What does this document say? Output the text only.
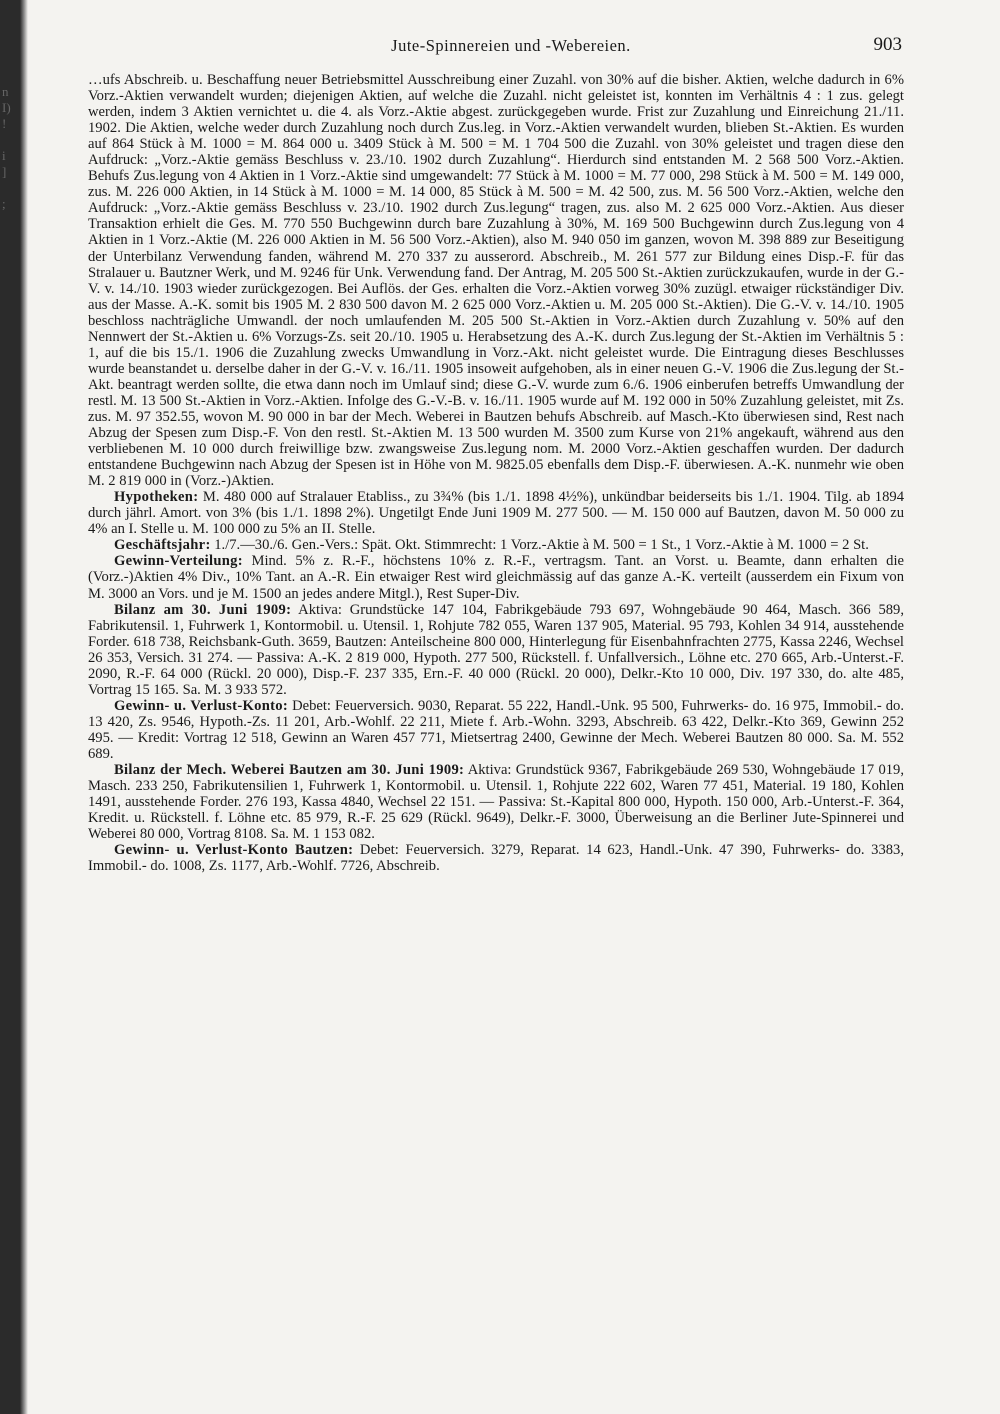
n
I)
!

i
]

;

Jute-Spinnereien und -Webereien.	903

…ufs Abschreib. u. Beschaffung neuer Betriebsmittel Ausschreibung einer Zuzahl. von 30% auf die bisher. Aktien, welche dadurch in 6% Vorz.-Aktien verwandelt wurden; diejenigen Aktien, auf welche die Zuzahl. nicht geleistet ist, konnten im Verhältnis 4 : 1 zus. gelegt werden, indem 3 Aktien vernichtet u. die 4. als Vorz.-Aktie abgest. zurückgegeben wurde. Frist zur Zuzahlung und Einreichung 21./11. 1902. Die Aktien, welche weder durch Zuzahlung noch durch Zus.leg. in Vorz.-Aktien verwandelt wurden, blieben St.-Aktien. Es wurden auf 864 Stück à M. 1000 = M. 864 000 u. 3409 Stück à M. 500 = M. 1 704 500 die Zuzahl. von 30% geleistet und tragen diese den Aufdruck: „Vorz.-Aktie gemäss Beschluss v. 23./10. 1902 durch Zuzahlung“. Hierdurch sind entstanden M. 2 568 500 Vorz.-Aktien. Behufs Zus.legung von 4 Aktien in 1 Vorz.-Aktie sind umgewandelt: 77 Stück à M. 1000 = M. 77 000, 298 Stück à M. 500 = M. 149 000, zus. M. 226 000 Aktien, in 14 Stück à M. 1000 = M. 14 000, 85 Stück à M. 500 = M. 42 500, zus. M. 56 500 Vorz.-Aktien, welche den Aufdruck: „Vorz.-Aktie gemäss Beschluss v. 23./10. 1902 durch Zus.legung“ tragen, zus. also M. 2 625 000 Vorz.-Aktien. Aus dieser Transaktion erhielt die Ges. M. 770 550 Buchgewinn durch bare Zuzahlung à 30%, M. 169 500 Buchgewinn durch Zus.legung von 4 Aktien in 1 Vorz.-Aktie (M. 226 000 Aktien in M. 56 500 Vorz.-Aktien), also M. 940 050 im ganzen, wovon M. 398 889 zur Beseitigung der Unterbilanz Verwendung fanden, während M. 270 337 zu ausserord. Abschreib., M. 261 577 zur Bildung eines Disp.-F. für das Stralauer u. Bautzner Werk, und M. 9246 für Unk. Verwendung fand. Der Antrag, M. 205 500 St.-Aktien zurückzukaufen, wurde in der G.-V. v. 14./10. 1903 wieder zurückgezogen. Bei Auflös. der Ges. erhalten die Vorz.-Aktien vorweg 30% zuzügl. etwaiger rückständiger Div. aus der Masse. A.-K. somit bis 1905 M. 2 830 500 davon M. 2 625 000 Vorz.-Aktien u. M. 205 000 St.-Aktien). Die G.-V. v. 14./10. 1905 beschloss nachträgliche Umwandl. der noch umlaufenden M. 205 500 St.-Aktien in Vorz.-Aktien durch Zuzahlung v. 50% auf den Nennwert der St.-Aktien u. 6% Vorzugs-Zs. seit 20./10. 1905 u. Herabsetzung des A.-K. durch Zus.legung der St.-Aktien im Verhältnis 5 : 1, auf die bis 15./1. 1906 die Zuzahlung zwecks Umwandlung in Vorz.-Akt. nicht geleistet wurde. Die Eintragung dieses Beschlusses wurde beanstandet u. derselbe daher in der G.-V. v. 16./11. 1905 insoweit aufgehoben, als in einer neuen G.-V. 1906 die Zus.legung der St.-Akt. beantragt werden sollte, die etwa dann noch im Umlauf sind; diese G.-V. wurde zum 6./6. 1906 einberufen betreffs Umwandlung der restl. M. 13 500 St.-Aktien in Vorz.-Aktien. Infolge des G.-V.-B. v. 16./11. 1905 wurde auf M. 192 000 in 50% Zuzahlung geleistet, mit Zs. zus. M. 97 352.55, wovon M. 90 000 in bar der Mech. Weberei in Bautzen behufs Abschreib. auf Masch.-Kto überwiesen sind, Rest nach Abzug der Spesen zum Disp.-F. Von den restl. St.-Aktien M. 13 500 wurden M. 3500 zum Kurse von 21% angekauft, während aus den verbliebenen M. 10 000 durch freiwillige bzw. zwangsweise Zus.legung nom. M. 2000 Vorz.-Aktien geschaffen wurden. Der dadurch entstandene Buchgewinn nach Abzug der Spesen ist in Höhe von M. 9825.05 ebenfalls dem Disp.-F. überwiesen. A.-K. nunmehr wie oben M. 2 819 000 in (Vorz.-)Aktien.

Hypotheken: M. 480 000 auf Stralauer Etabliss., zu 3¾% (bis 1./1. 1898 4½%), unkündbar beiderseits bis 1./1. 1904. Tilg. ab 1894 durch jährl. Amort. von 3% (bis 1./1. 1898 2%). Ungetilgt Ende Juni 1909 M. 277 500. — M. 150 000 auf Bautzen, davon M. 50 000 zu 4% an I. Stelle u. M. 100 000 zu 5% an II. Stelle.

Geschäftsjahr: 1./7.—30./6. Gen.-Vers.: Spät. Okt. Stimmrecht: 1 Vorz.-Aktie à M. 500 = 1 St., 1 Vorz.-Aktie à M. 1000 = 2 St.

Gewinn-Verteilung: Mind. 5% z. R.-F., höchstens 10% z. R.-F., vertragsm. Tant. an Vorst. u. Beamte, dann erhalten die (Vorz.-)Aktien 4% Div., 10% Tant. an A.-R. Ein etwaiger Rest wird gleichmässig auf das ganze A.-K. verteilt (ausserdem ein Fixum von M. 3000 an Vors. und je M. 1500 an jedes andere Mitgl.), Rest Super-Div.

Bilanz am 30. Juni 1909: Aktiva: Grundstücke 147 104, Fabrikgebäude 793 697, Wohngebäude 90 464, Masch. 366 589, Fabrikutensil. 1, Fuhrwerk 1, Kontormobil. u. Utensil. 1, Rohjute 782 055, Waren 137 905, Material. 95 793, Kohlen 34 914, ausstehende Forder. 618 738, Reichsbank-Guth. 3659, Bautzen: Anteilscheine 800 000, Hinterlegung für Eisenbahnfrachten 2775, Kassa 2246, Wechsel 26 353, Versich. 31 274. — Passiva: A.-K. 2 819 000, Hypoth. 277 500, Rückstell. f. Unfallversich., Löhne etc. 270 665, Arb.-Unterst.-F. 2090, R.-F. 64 000 (Rückl. 20 000), Disp.-F. 237 335, Ern.-F. 40 000 (Rückl. 20 000), Delkr.-Kto 10 000, Div. 197 330, do. alte 485, Vortrag 15 165. Sa. M. 3 933 572.

Gewinn- u. Verlust-Konto: Debet: Feuerversich. 9030, Reparat. 55 222, Handl.-Unk. 95 500, Fuhrwerks- do. 16 975, Immobil.- do. 13 420, Zs. 9546, Hypoth.-Zs. 11 201, Arb.-Wohlf. 22 211, Miete f. Arb.-Wohn. 3293, Abschreib. 63 422, Delkr.-Kto 369, Gewinn 252 495. — Kredit: Vortrag 12 518, Gewinn an Waren 457 771, Mietsertrag 2400, Gewinne der Mech. Weberei Bautzen 80 000. Sa. M. 552 689.

Bilanz der Mech. Weberei Bautzen am 30. Juni 1909: Aktiva: Grundstück 9367, Fabrikgebäude 269 530, Wohngebäude 17 019, Masch. 233 250, Fabrikutensilien 1, Fuhrwerk 1, Kontormobil. u. Utensil. 1, Rohjute 222 602, Waren 77 451, Material. 19 180, Kohlen 1491, ausstehende Forder. 276 193, Kassa 4840, Wechsel 22 151. — Passiva: St.-Kapital 800 000, Hypoth. 150 000, Arb.-Unterst.-F. 364, Kredit. u. Rückstell. f. Löhne etc. 85 979, R.-F. 25 629 (Rückl. 9649), Delkr.-F. 3000, Überweisung an die Berliner Jute-Spinnerei und Weberei 80 000, Vortrag 8108. Sa. M. 1 153 082.

Gewinn- u. Verlust-Konto Bautzen: Debet: Feuerversich. 3279, Reparat. 14 623, Handl.-Unk. 47 390, Fuhrwerks- do. 3383, Immobil.- do. 1008, Zs. 1177, Arb.-Wohlf. 7726, Abschreib.
